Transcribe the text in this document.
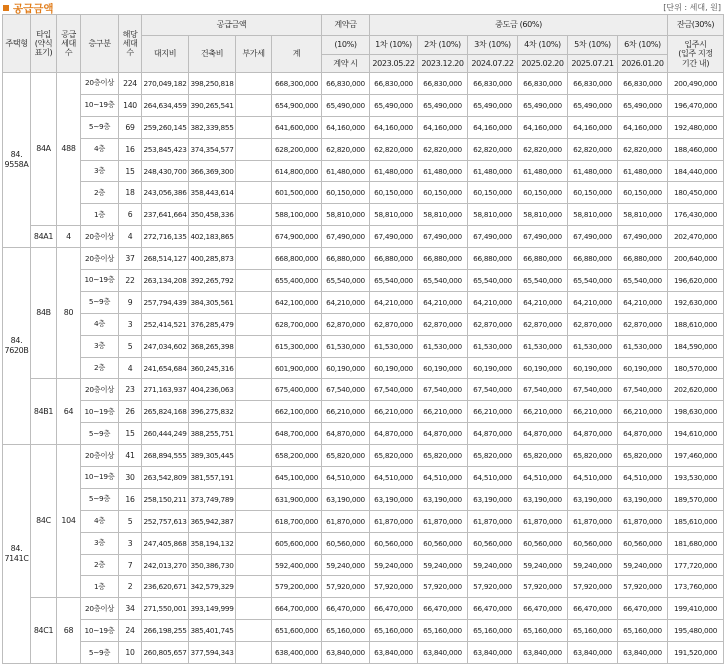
공급금액	[단위 : 세대, 원]
주택형	타입
(약식
표기)	공급
세대
수	층구분	해당
세대
수	공급금액				계약금	중도금 (60%)						잔금(30%)
					대지비	건축비	부가세	계	(10%)	1차 (10%)	2차 (10%)	3차 (10%)	4차 (10%)	5차 (10%)	6차 (10%)	입주시
(입주 지정
기간 내)
									계약 시	2023.05.22	2023.12.20	2024.07.22	2025.02.20	2025.07.21	2026.01.20	
84.
9558A	84A	488	20층이상	224	270,049,182	398,250,818		668,300,000	66,830,000	66,830,000	66,830,000	66,830,000	66,830,000	66,830,000	66,830,000	200,490,000
			10~19층	140	264,634,459	390,265,541		654,900,000	65,490,000	65,490,000	65,490,000	65,490,000	65,490,000	65,490,000	65,490,000	196,470,000
			5~9층	69	259,260,145	382,339,855		641,600,000	64,160,000	64,160,000	64,160,000	64,160,000	64,160,000	64,160,000	64,160,000	192,480,000
			4층	16	253,845,423	374,354,577		628,200,000	62,820,000	62,820,000	62,820,000	62,820,000	62,820,000	62,820,000	62,820,000	188,460,000
			3층	15	248,430,700	366,369,300		614,800,000	61,480,000	61,480,000	61,480,000	61,480,000	61,480,000	61,480,000	61,480,000	184,440,000
			2층	18	243,056,386	358,443,614		601,500,000	60,150,000	60,150,000	60,150,000	60,150,000	60,150,000	60,150,000	60,150,000	180,450,000
			1층	6	237,641,664	350,458,336		588,100,000	58,810,000	58,810,000	58,810,000	58,810,000	58,810,000	58,810,000	58,810,000	176,430,000
	84A1	4	20층이상	4	272,716,135	402,183,865		674,900,000	67,490,000	67,490,000	67,490,000	67,490,000	67,490,000	67,490,000	67,490,000	202,470,000
84.
7620B	84B	80	20층이상	37	268,514,127	400,285,873		668,800,000	66,880,000	66,880,000	66,880,000	66,880,000	66,880,000	66,880,000	66,880,000	200,640,000
			10~19층	22	263,134,208	392,265,792		655,400,000	65,540,000	65,540,000	65,540,000	65,540,000	65,540,000	65,540,000	65,540,000	196,620,000
			5~9층	9	257,794,439	384,305,561		642,100,000	64,210,000	64,210,000	64,210,000	64,210,000	64,210,000	64,210,000	64,210,000	192,630,000
			4층	3	252,414,521	376,285,479		628,700,000	62,870,000	62,870,000	62,870,000	62,870,000	62,870,000	62,870,000	62,870,000	188,610,000
			3층	5	247,034,602	368,265,398		615,300,000	61,530,000	61,530,000	61,530,000	61,530,000	61,530,000	61,530,000	61,530,000	184,590,000
			2층	4	241,654,684	360,245,316		601,900,000	60,190,000	60,190,000	60,190,000	60,190,000	60,190,000	60,190,000	60,190,000	180,570,000
	84B1	64	20층이상	23	271,163,937	404,236,063		675,400,000	67,540,000	67,540,000	67,540,000	67,540,000	67,540,000	67,540,000	67,540,000	202,620,000
			10~19층	26	265,824,168	396,275,832		662,100,000	66,210,000	66,210,000	66,210,000	66,210,000	66,210,000	66,210,000	66,210,000	198,630,000
			5~9층	15	260,444,249	388,255,751		648,700,000	64,870,000	64,870,000	64,870,000	64,870,000	64,870,000	64,870,000	64,870,000	194,610,000
84.
7141C	84C	104	20층이상	41	268,894,555	389,305,445		658,200,000	65,820,000	65,820,000	65,820,000	65,820,000	65,820,000	65,820,000	65,820,000	197,460,000
			10~19층	30	263,542,809	381,557,191		645,100,000	64,510,000	64,510,000	64,510,000	64,510,000	64,510,000	64,510,000	64,510,000	193,530,000
			5~9층	16	258,150,211	373,749,789		631,900,000	63,190,000	63,190,000	63,190,000	63,190,000	63,190,000	63,190,000	63,190,000	189,570,000
			4층	5	252,757,613	365,942,387		618,700,000	61,870,000	61,870,000	61,870,000	61,870,000	61,870,000	61,870,000	61,870,000	185,610,000
			3층	3	247,405,868	358,194,132		605,600,000	60,560,000	60,560,000	60,560,000	60,560,000	60,560,000	60,560,000	60,560,000	181,680,000
			2층	7	242,013,270	350,386,730		592,400,000	59,240,000	59,240,000	59,240,000	59,240,000	59,240,000	59,240,000	59,240,000	177,720,000
			1층	2	236,620,671	342,579,329		579,200,000	57,920,000	57,920,000	57,920,000	57,920,000	57,920,000	57,920,000	57,920,000	173,760,000
	84C1	68	20층이상	34	271,550,001	393,149,999		664,700,000	66,470,000	66,470,000	66,470,000	66,470,000	66,470,000	66,470,000	66,470,000	199,410,000
			10~19층	24	266,198,255	385,401,745		651,600,000	65,160,000	65,160,000	65,160,000	65,160,000	65,160,000	65,160,000	65,160,000	195,480,000
			5~9층	10	260,805,657	377,594,343		638,400,000	63,840,000	63,840,000	63,840,000	63,840,000	63,840,000	63,840,000	63,840,000	191,520,000
